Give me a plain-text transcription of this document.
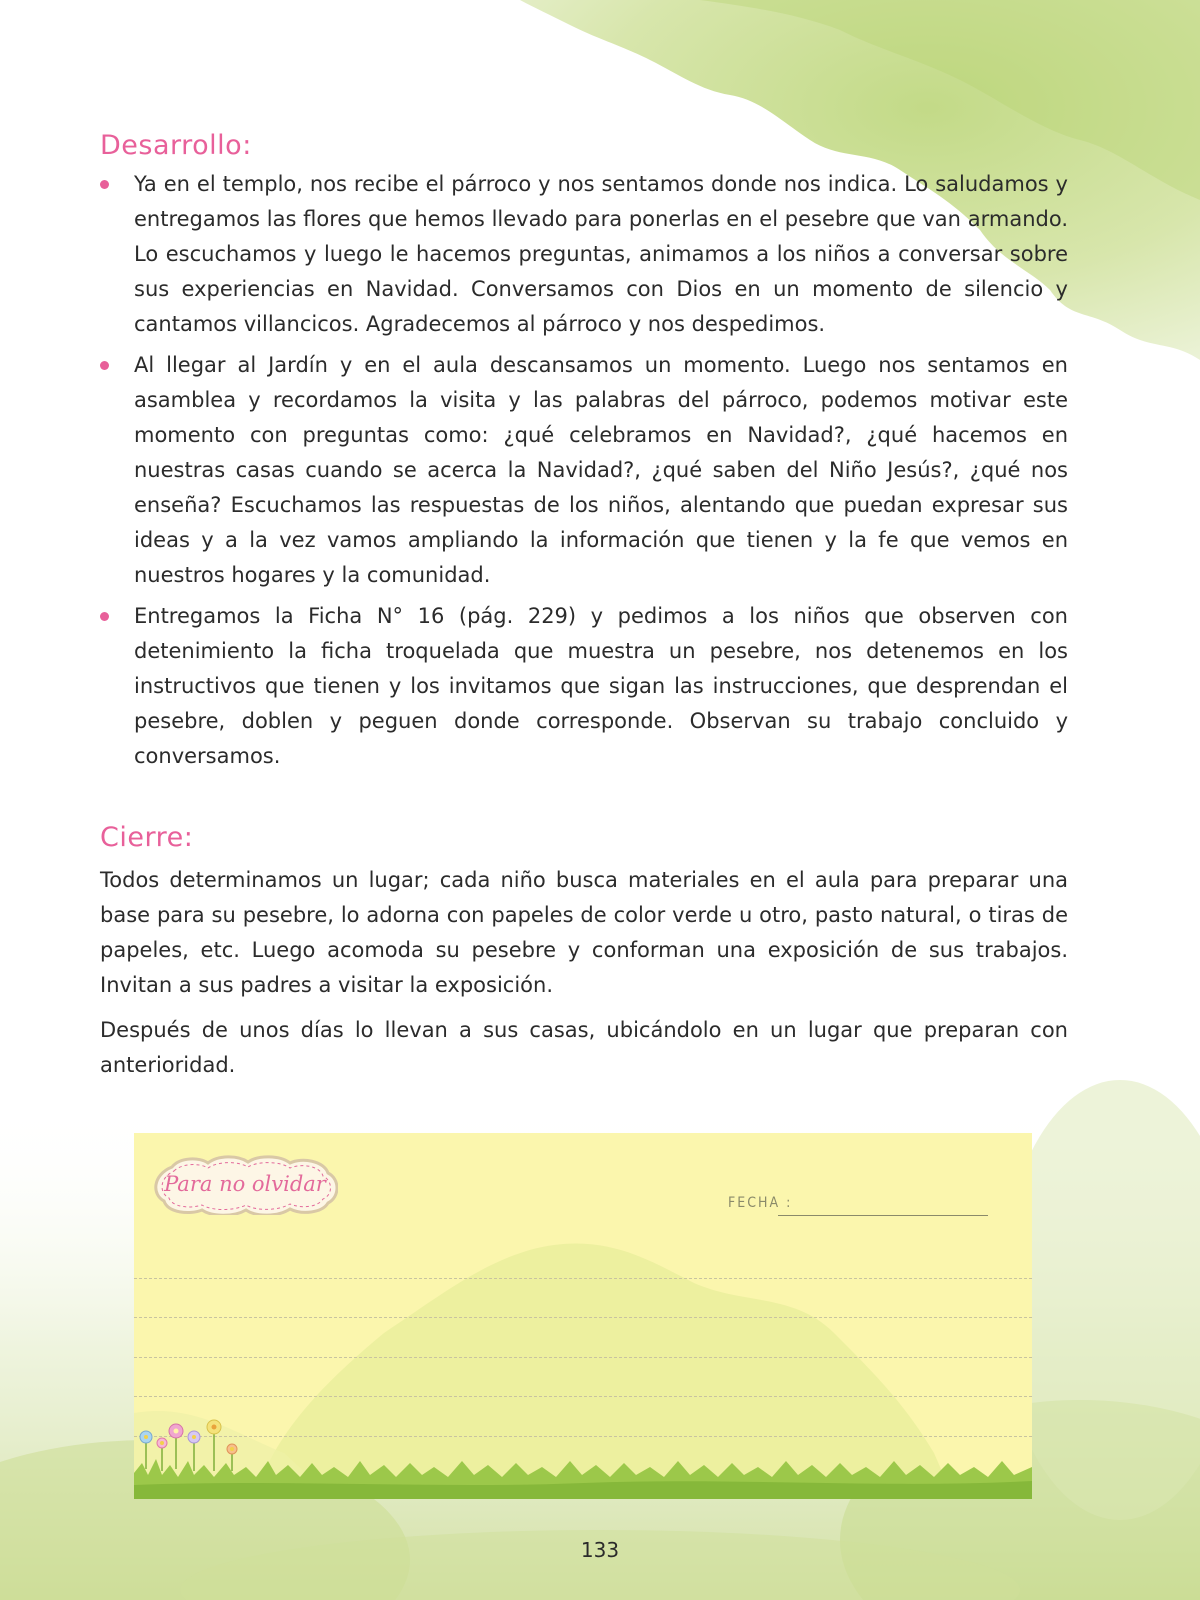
Desarrollo:
Ya en el templo, nos recibe el párroco y nos sentamos donde nos indica. Lo saludamos y entregamos las flores que hemos llevado para ponerlas en el pesebre que van armando. Lo escuchamos y luego le hacemos preguntas, animamos a los niños a conversar sobre sus experiencias en Navidad. Conversamos con Dios en un momento de silencio y cantamos villancicos. Agradecemos al párroco y nos despedimos.
Al llegar al Jardín y en el aula descansamos un momento. Luego nos sentamos en asamblea y recordamos la visita y las palabras del párroco, podemos motivar este momento con preguntas como: ¿qué celebramos en Navidad?, ¿qué hacemos en nuestras casas cuando se acerca la Navidad?, ¿qué saben del Niño Jesús?, ¿qué nos enseña? Escuchamos las respuestas de los niños, alentando que puedan expresar sus ideas y a la vez vamos ampliando la información que tienen y la fe que vemos en nuestros hogares y la comunidad.
Entregamos la Ficha N° 16 (pág. 229) y pedimos a los niños que observen con detenimiento la ficha troquelada que muestra un pesebre, nos detenemos en los instructivos que tienen y los invitamos que sigan las instrucciones, que desprendan el pesebre, doblen y peguen donde corresponde. Observan su trabajo concluido y conversamos.
Cierre:

Todos determinamos un lugar; cada niño busca materiales en el aula para preparar una base para su pesebre, lo adorna con papeles de color verde u otro, pasto natural, o tiras de papeles, etc. Luego acomoda su pesebre y conforman una exposición de sus trabajos. Invitan a sus padres a visitar la exposición.

Después de unos días lo llevan a sus casas, ubicándolo en un lugar que preparan con anterioridad.

Para no olvidar
FECHA :
133
